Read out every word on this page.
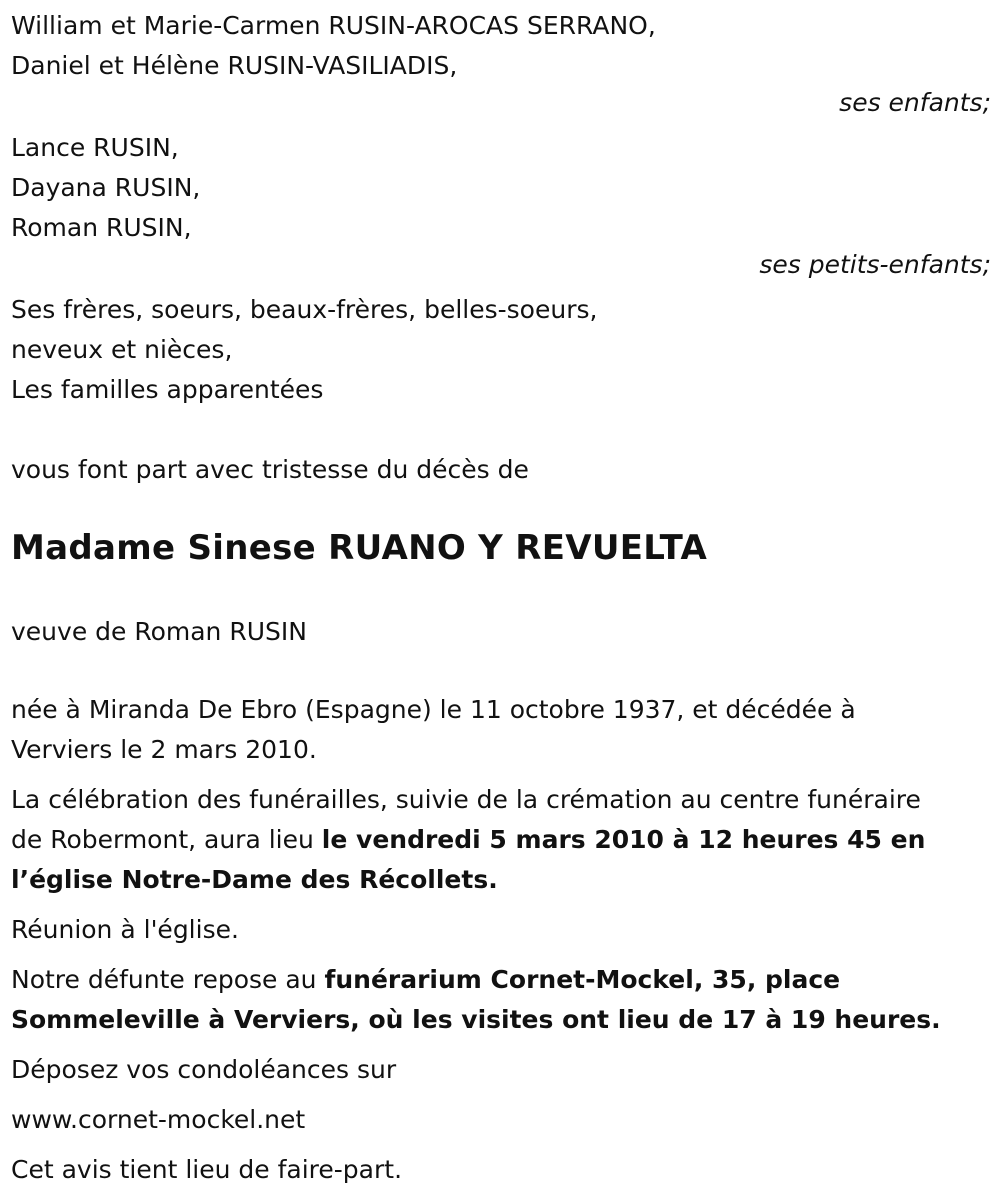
William et Marie-Carmen RUSIN-AROCAS SERRANO,
Daniel et Hélène RUSIN-VASILIADIS,
ses enfants;
Lance RUSIN,
Dayana RUSIN,
Roman RUSIN,
ses petits-enfants;
Ses frères, soeurs, beaux-frères, belles-soeurs,
neveux et nièces,
Les familles apparentées
vous font part avec tristesse du décès de
Madame Sinese RUANO Y REVUELTA
veuve de Roman RUSIN
née à Miranda De Ebro (Espagne) le 11 octobre 1937, et décédée à
Verviers le 2 mars 2010.
La célébration des funérailles, suivie de la crémation au centre funéraire
de Robermont, aura lieu le vendredi 5 mars 2010 à 12 heures 45 en
l’église Notre-Dame des Récollets.
Réunion à l'église.
Notre défunte repose au funérarium Cornet-Mockel, 35, place
Sommeleville à Verviers, où les visites ont lieu de 17 à 19 heures.
Déposez vos condoléances sur
www.cornet-mockel.net
Cet avis tient lieu de faire-part.
